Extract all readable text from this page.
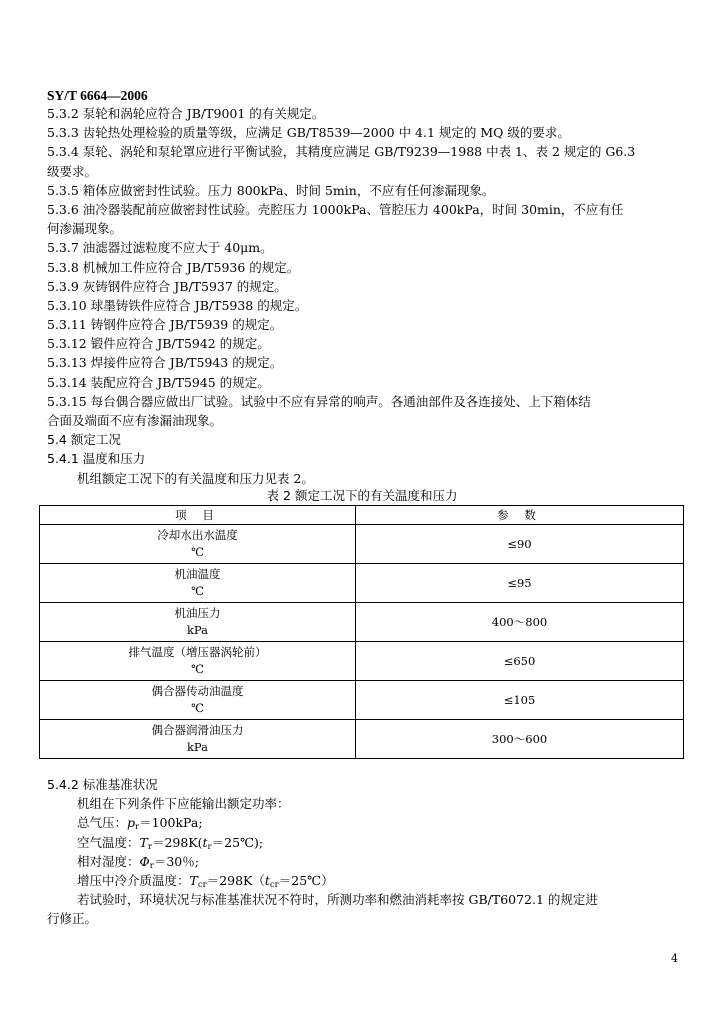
SY/T 6664—2006
5.3.2 泵轮和涡轮应符合 JB/T9001 的有关规定。
5.3.3 齿轮热处理检验的质量等级，应满足 GB/T8539—2000 中 4.1 规定的 MQ 级的要求。
5.3.4 泵轮、涡轮和泵轮罩应进行平衡试验，其精度应满足 GB/T9239—1988 中表 1、表 2 规定的 G6.3
级要求。
5.3.5 箱体应做密封性试验。压力 800kPa、时间 5min，不应有任何渗漏现象。
5.3.6 油冷器装配前应做密封性试验。壳腔压力 1000kPa、管腔压力 400kPa，时间 30min，不应有任
何渗漏现象。
5.3.7 油滤器过滤粒度不应大于 40μm。
5.3.8 机械加工件应符合 JB/T5936 的规定。
5.3.9 灰铸钢件应符合 JB/T5937 的规定。
5.3.10 球墨铸铁件应符合 JB/T5938 的规定。
5.3.11 铸钢件应符合 JB/T5939 的规定。
5.3.12 锻件应符合 JB/T5942 的规定。
5.3.13 焊接件应符合 JB/T5943 的规定。
5.3.14 装配应符合 JB/T5945 的规定。
5.3.15 每台偶合器应做出厂试验。试验中不应有异常的响声。各通油部件及各连接处、上下箱体结
合面及端面不应有渗漏油现象。
5.4 额定工况
5.4.1 温度和压力
机组额定工况下的有关温度和压力见表 2。
表 2 额定工况下的有关温度和压力
项 目	参 数

冷却水出水温度
℃	≤90

机油温度
℃	≤95

机油压力
kPa	400～800

排气温度（增压器涡轮前）
℃	≤650

偶合器传动油温度
℃	≤105

偶合器润滑油压力
kPa	300～600
5.4.2 标准基准状况
机组在下列条件下应能输出额定功率：
总气压：$p_r=100kPa$;
空气温度：$T_r=298K(t_r=25℃)$;
相对湿度：$\Phi_r=30$％;
增压中冷介质温度：$T_{cr}=298K(t_{cr}=25℃)$
若试验时，环境状况与标准基准状况不符时，所测功率和燃油消耗率按 GB/T6072.1 的规定进
行修正。
4
